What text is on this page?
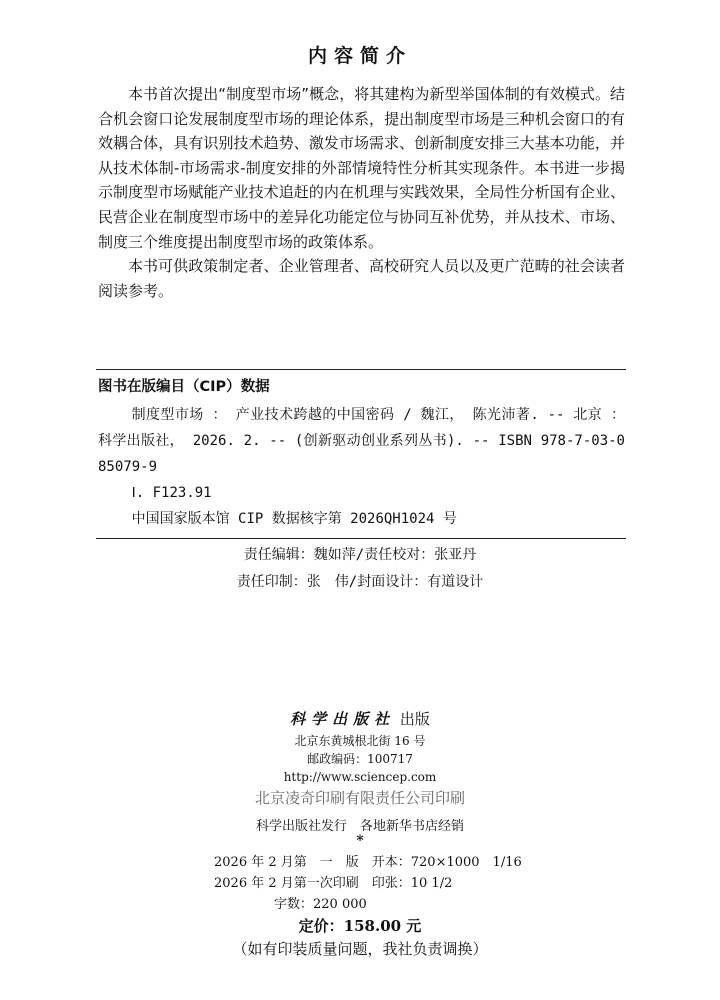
内容简介

本书首次提出“制度型市场”概念，将其建构为新型举国体制的有效模式。结合机会窗口论发展制度型市场的理论体系，提出制度型市场是三种机会窗口的有效耦合体，具有识别技术趋势、激发市场需求、创新制度安排三大基本功能，并从技术体制-市场需求-制度安排的外部情境特性分析其实现条件。本书进一步揭示制度型市场赋能产业技术追赶的内在机理与实践效果，全局性分析国有企业、民营企业在制度型市场中的差异化功能定位与协同互补优势，并从技术、市场、制度三个维度提出制度型市场的政策体系。

本书可供政策制定者、企业管理者、高校研究人员以及更广范畴的社会读者阅读参考。

图书在版编目（CIP）数据
制度型市场 ： 产业技术跨越的中国密码 / 魏江， 陈光沛著. -- 北京 ： 科学出版社， 2026. 2. -- (创新驱动创业系列丛书). -- ISBN 978-7-03-085079-9
Ⅰ. F123.91
中国国家版本馆 CIP 数据核字第 2026QH1024 号
责任编辑：魏如萍/责任校对：张亚丹
责任印制：张　伟/封面设计：有道设计
科学出版社 出版
北京东黄城根北街 16 号
邮政编码：100717
http://www.sciencep.com
北京凌奇印刷有限责任公司印刷
科学出版社发行　各地新华书店经销
*
2026 年 2 月第　一　版　开本：720×1000　1/16
2026 年 2 月第一次印刷　印张：10 1/2
字数：220 000
定价：158.00 元
（如有印装质量问题，我社负责调换）
